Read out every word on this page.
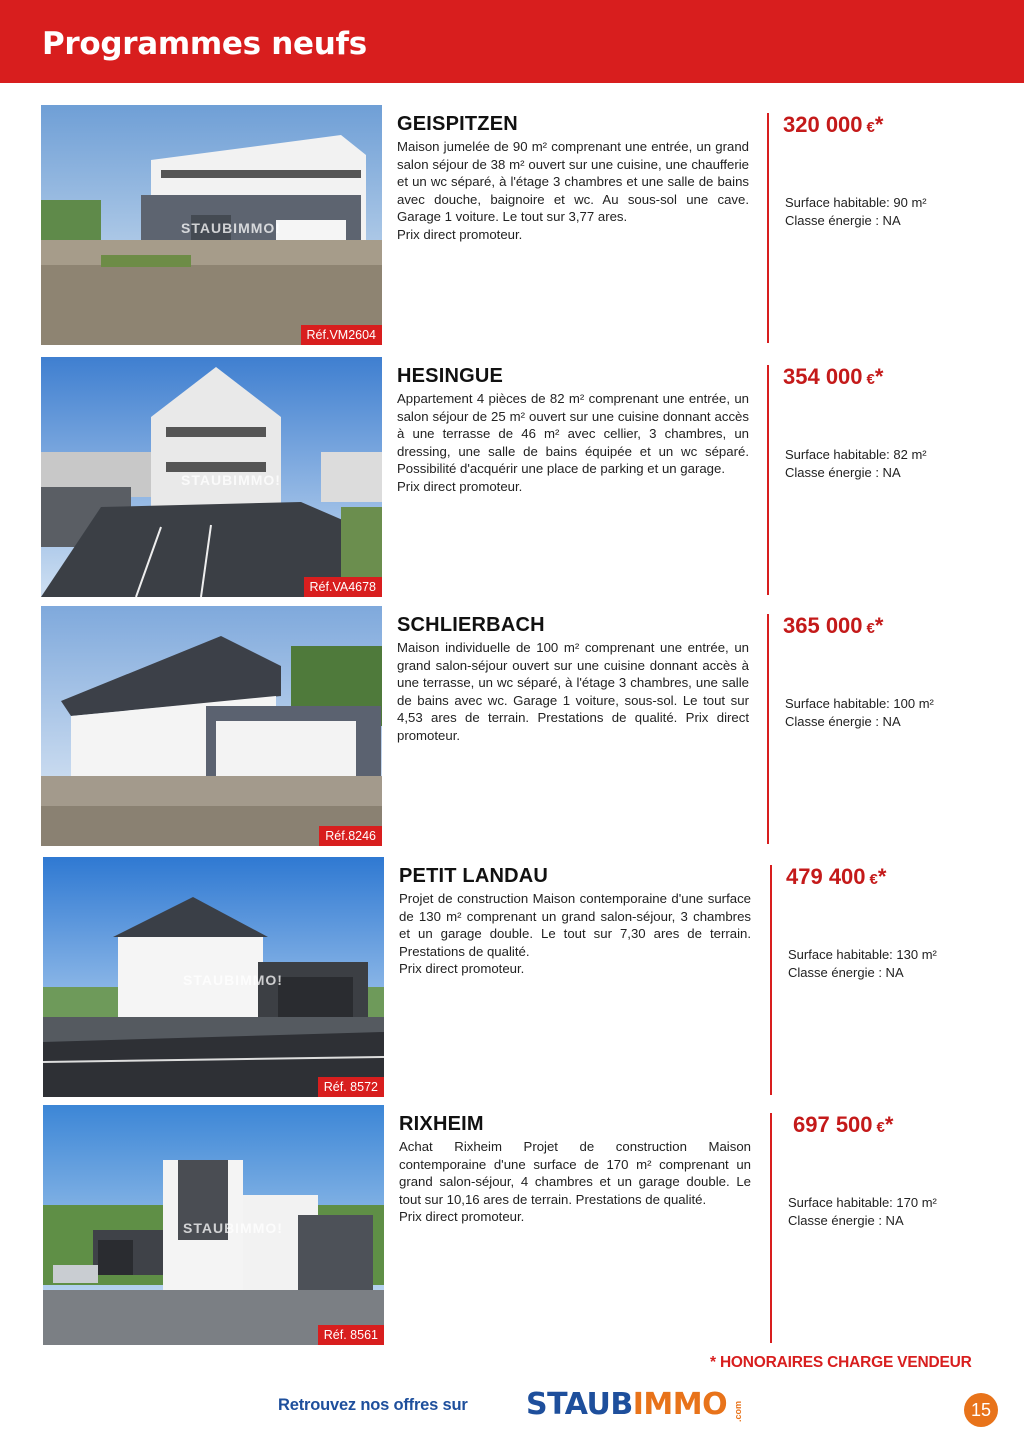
Programmes neufs
STAUBIMMO!
Réf.VM2604
GEISPITZEN
Maison jumelée de 90 m² comprenant une entrée, un grand salon séjour de 38 m² ouvert sur une cuisine, une chaufferie et un wc séparé, à l'étage 3 chambres et une salle de bains avec douche, baignoire et wc. Au sous-sol une cave. Garage 1 voiture. Le tout sur 3,77 ares.
Prix direct promoteur.
320 000 €*
Surface habitable: 90 m²
Classe énergie : NA
STAUBIMMO!
Réf.VA4678
HESINGUE
Appartement 4 pièces de 82 m² comprenant une entrée, un salon séjour de 25 m² ouvert sur une cuisine donnant accès à une terrasse de 46 m² avec cellier, 3 chambres, un dressing, une salle de bains équipée et un wc séparé. Possibilité d'acquérir une place de parking et un garage.
Prix direct promoteur.
354 000 €*
Surface habitable: 82 m²
Classe énergie : NA
Réf.8246
SCHLIERBACH
Maison individuelle de 100 m² comprenant une entrée, un grand salon-séjour ouvert sur une cuisine donnant accès à une terrasse, un wc séparé, à l'étage 3 chambres, une salle de bains avec wc. Garage 1 voiture, sous-sol. Le tout sur 4,53 ares de terrain. Prestations de qualité. Prix direct promoteur.
365 000 €*
Surface habitable: 100 m²
Classe énergie : NA
STAUBIMMO!
Réf. 8572
PETIT LANDAU
Projet de construction Maison contemporaine d'une surface de 130 m² comprenant un grand salon-séjour, 3 chambres et un garage double. Le tout sur 7,30 ares de terrain. Prestations de qualité.
Prix direct promoteur.
479 400 €*
Surface habitable: 130 m²
Classe énergie : NA
STAUBIMMO!
Réf. 8561
RIXHEIM
Achat Rixheim Projet de construction Maison contemporaine d'une surface de 170 m² comprenant un grand salon-séjour, 4 chambres et un garage double. Le tout sur 10,16 ares de terrain. Prestations de qualité.
Prix direct promoteur.
697 500 €*
Surface habitable: 170 m²
Classe énergie : NA
* HONORAIRES CHARGE VENDEUR
Retrouvez nos offres sur STAUBIMMO .com	15
